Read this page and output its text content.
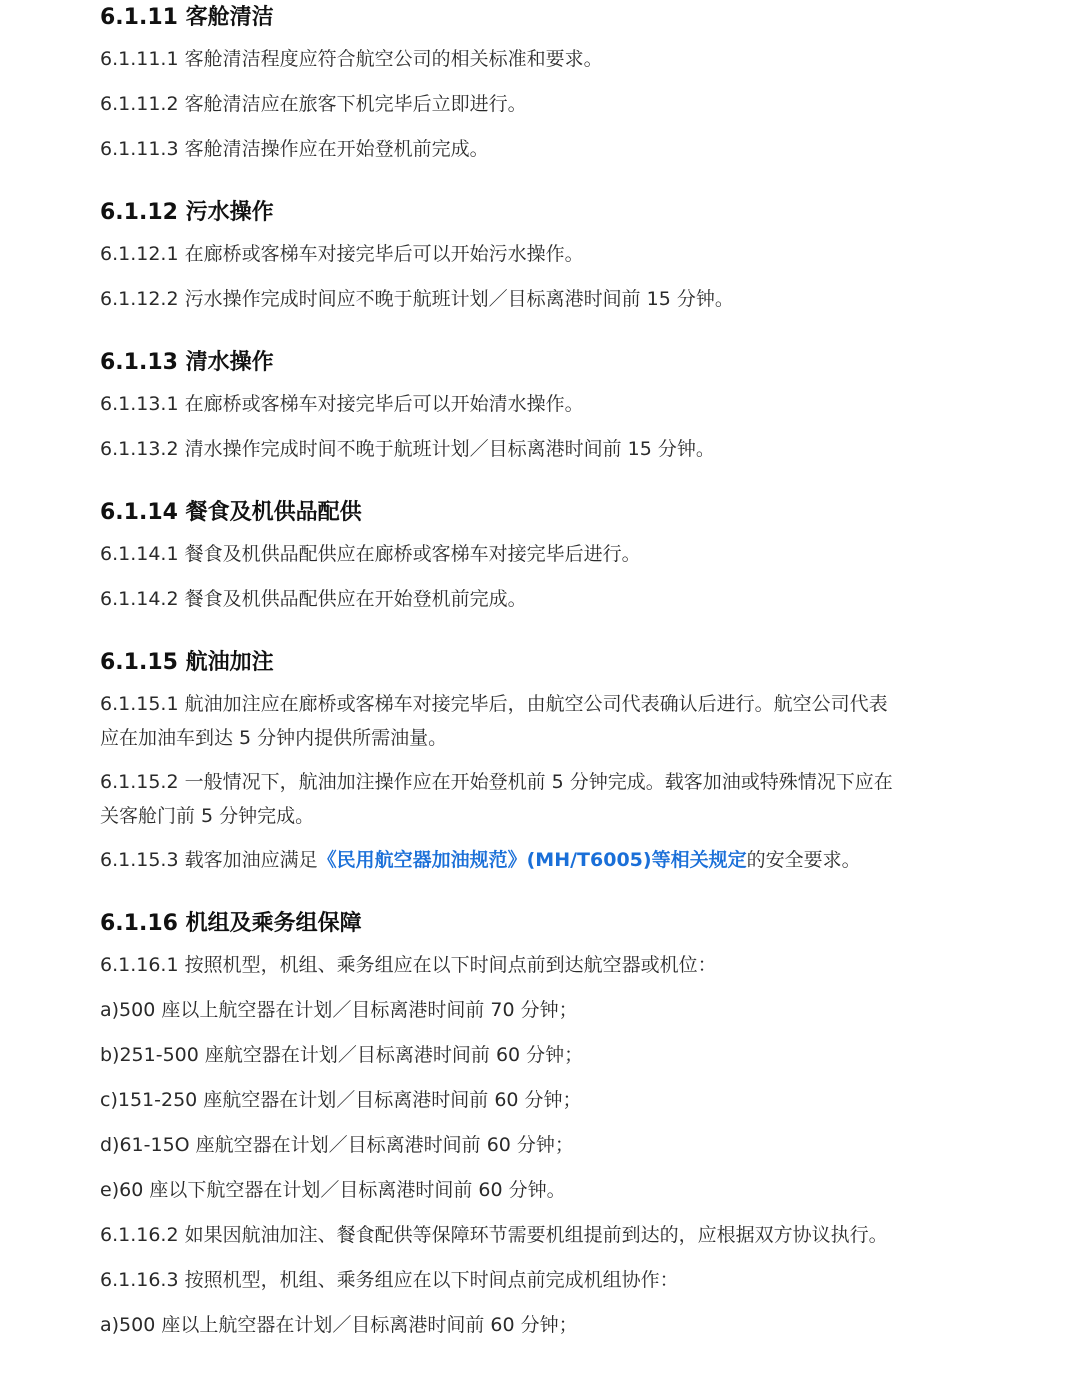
6.1.11 客舱清洁

6.1.11.1 客舱清洁程度应符合航空公司的相关标准和要求。

6.1.11.2 客舱清洁应在旅客下机完毕后立即进行。

6.1.11.3 客舱清洁操作应在开始登机前完成。

6.1.12 污水操作

6.1.12.1 在廊桥或客梯车对接完毕后可以开始污水操作。

6.1.12.2 污水操作完成时间应不晚于航班计划／目标离港时间前 15 分钟。

6.1.13 清水操作

6.1.13.1 在廊桥或客梯车对接完毕后可以开始清水操作。

6.1.13.2 清水操作完成时间不晚于航班计划／目标离港时间前 15 分钟。

6.1.14 餐食及机供品配供

6.1.14.1 餐食及机供品配供应在廊桥或客梯车对接完毕后进行。

6.1.14.2 餐食及机供品配供应在开始登机前完成。

6.1.15 航油加注

6.1.15.1 航油加注应在廊桥或客梯车对接完毕后，由航空公司代表确认后进行。航空公司代表
应在加油车到达 5 分钟内提供所需油量。

6.1.15.2 一般情况下，航油加注操作应在开始登机前 5 分钟完成。载客加油或特殊情况下应在
关客舱门前 5 分钟完成。

6.1.15.3 载客加油应满足《民用航空器加油规范》(MH/T6005)等相关规定的安全要求。

6.1.16 机组及乘务组保障

6.1.16.1 按照机型，机组、乘务组应在以下时间点前到达航空器或机位：

a)500 座以上航空器在计划／目标离港时间前 70 分钟；

b)251-500 座航空器在计划／目标离港时间前 60 分钟；

c)151-250 座航空器在计划／目标离港时间前 60 分钟；

d)61-15O 座航空器在计划／目标离港时间前 60 分钟；

e)60 座以下航空器在计划／目标离港时间前 60 分钟。

6.1.16.2 如果因航油加注、餐食配供等保障环节需要机组提前到达的，应根据双方协议执行。

6.1.16.3 按照机型，机组、乘务组应在以下时间点前完成机组协作：

a)500 座以上航空器在计划／目标离港时间前 60 分钟；
